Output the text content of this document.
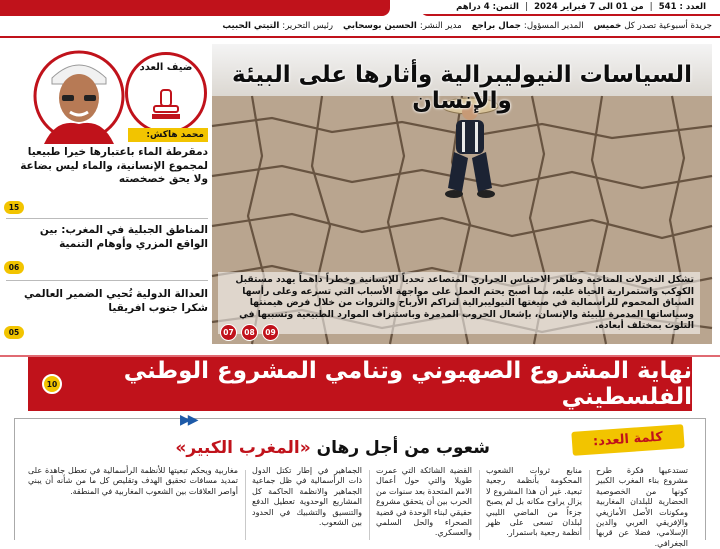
العدد : 541
|
من 01 الى 7 فبراير 2024
|
الثمن: 4 دراهم
جريدة أسبوعية تصدر كل
خميس
المدير المسؤول:
جمال براجع
مدير النشر:
الحسين بوسحابي
رئيس التحرير:
التيتي الحبيب
السياسات النيوليبرالية وأثارها على البيئة والإنسان
تشكل التحولات المناخية وظاهر الاحتباس الحراري المتصاعد تحدياً للإنسانية وخطراً داهماً يهدد مستقبل الكوكب واستمرارية الحياة عليه، مما أصبح يحتم العمل على مواجهة الأسباب التي تسرعه وعلى رأسها السباق المحموم للرأسمالية في صيغتها النيوليبرالية لتراكم الأرباح والثروات من خلال فرض هيمنتها وسياساتها المدمرة للبيئة والإنسان، بإشعال الحروب المدمرة وباستنزاف الموارد الطبيعية وتسببها في التلوث بمختلف أبعاده.
07	08	09
ضيف العدد
محمد هاكش:
دمقرطة الماء باعتبارها خيرا طبيعيا لمجموع الإنسانية، والماء ليس بضاعة ولا يحق خصخصته
15
المناطق الجبلية في المغرب: بين الواقع المزري وأوهام التنمية
06
العدالة الدولية تُحيي الضمير العالمي شكرا جنوب افريقيا
05
نهاية المشروع الصهيوني وتنامي المشروع الوطني الفلسطيني
10
▶▶
كلمة العدد:
شعوب من أجل رهان «المغرب الكبير»
تستدعيها فكرة طرح مشروع بناء المغرب الكبير كونها من الخصوصية الحضارية للبلدان المغاربية ومكونات الأصل الأمازيغي والإفريقي العربي والدين الإسلامي، فضلا عن قربها الجغرافي.
منابع ثروات الشعوب المحكومة بأنظمة رجعية تبعية. غير أن هذا المشروع لا يزال يراوح مكانه بل لم يصبح جزءاً من الماضي الليبي لبلدان تسعى على ظهر أنظمة رجعية باستمرار.
القضية الشائكة التي عمرت طويلا والتي حول أعمال الامم المتحدة بعد سنوات من الحرب بين أن يتحقق مشروع حقيقي لبناء الوحدة في قضية الصحراء والحل السلمي والعسكري.
الجماهير في إطار تكتل الدول ذات الرأسمالية في ظل جماعية الجماهير والانظمة الحاكمة كل المشاريع الوحدوية تعطيل الدفع والتنسيق والتشبيك في الحدود بين الشعوب.
مغاربية ويحكم تبعيتها للأنظمة الرأسمالية في تعطل جاهدة على تمديد مسافات تحقيق الهدف وتقليص كل ما من شأنه أن يبني أواصر العلاقات بين الشعوب المغاربية في المنطقة.
